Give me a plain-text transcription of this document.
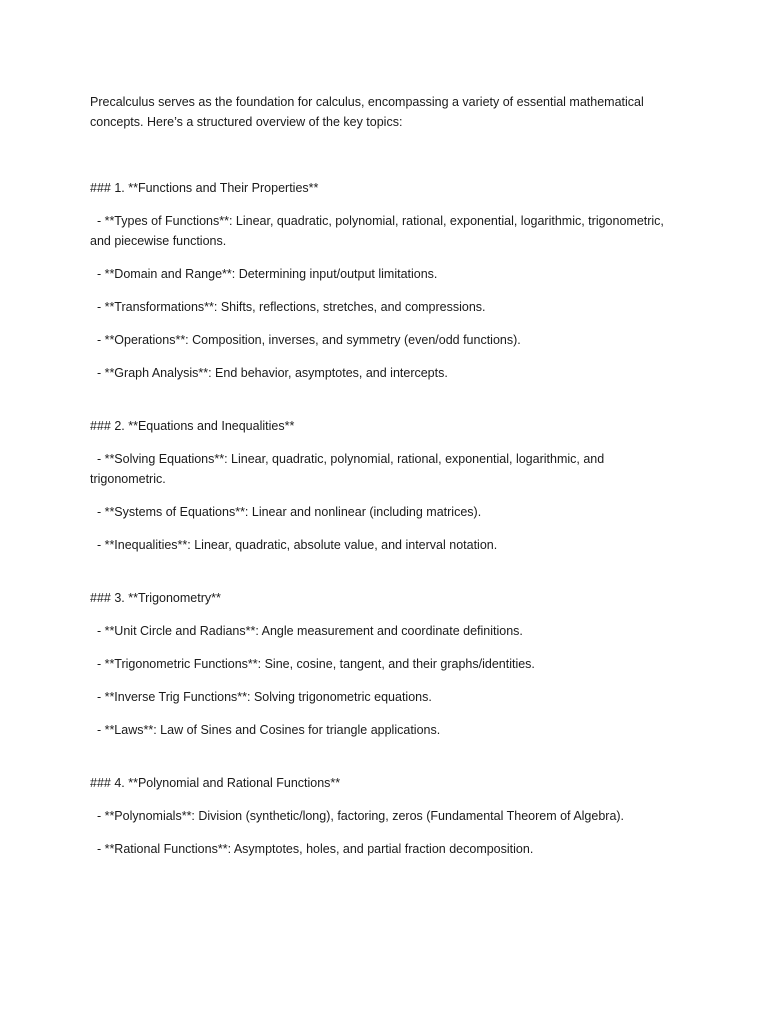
Precalculus serves as the foundation for calculus, encompassing a variety of essential mathematical concepts. Here’s a structured overview of the key topics:

### 1. **Functions and Their Properties**

- **Types of Functions**: Linear, quadratic, polynomial, rational, exponential, logarithmic, trigonometric, and piecewise functions.

- **Domain and Range**: Determining input/output limitations.

- **Transformations**: Shifts, reflections, stretches, and compressions.

- **Operations**: Composition, inverses, and symmetry (even/odd functions).

- **Graph Analysis**: End behavior, asymptotes, and intercepts.

### 2. **Equations and Inequalities**

- **Solving Equations**: Linear, quadratic, polynomial, rational, exponential, logarithmic, and trigonometric.

- **Systems of Equations**: Linear and nonlinear (including matrices).

- **Inequalities**: Linear, quadratic, absolute value, and interval notation.

### 3. **Trigonometry**

- **Unit Circle and Radians**: Angle measurement and coordinate definitions.

- **Trigonometric Functions**: Sine, cosine, tangent, and their graphs/identities.

- **Inverse Trig Functions**: Solving trigonometric equations.

- **Laws**: Law of Sines and Cosines for triangle applications.

### 4. **Polynomial and Rational Functions**

- **Polynomials**: Division (synthetic/long), factoring, zeros (Fundamental Theorem of Algebra).

- **Rational Functions**: Asymptotes, holes, and partial fraction decomposition.
